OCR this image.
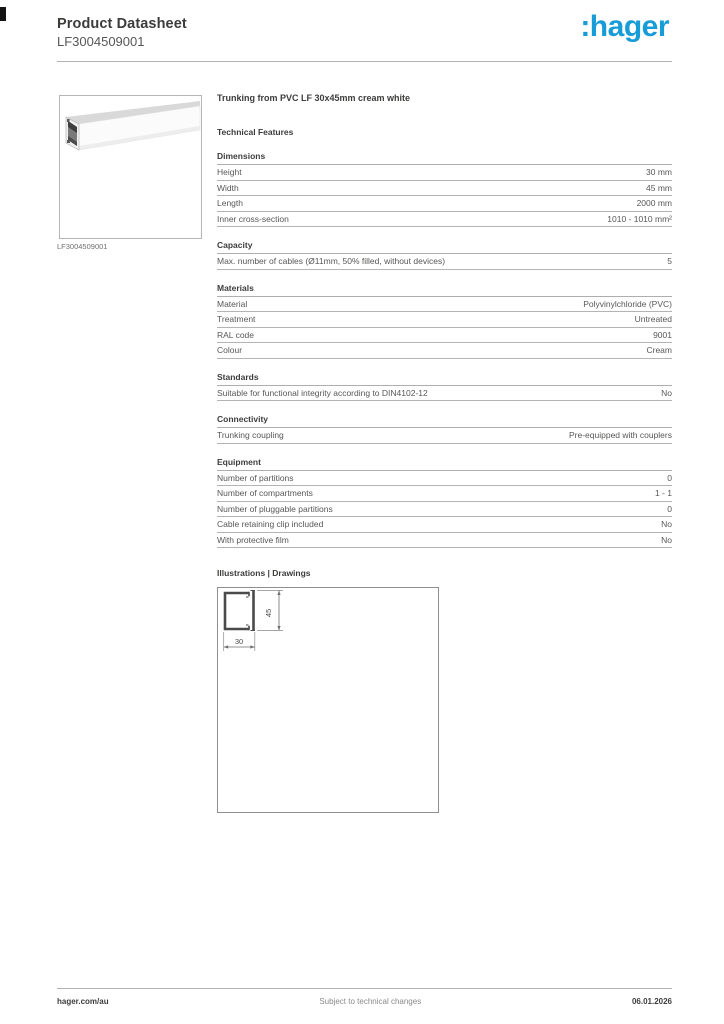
Product Datasheet
LF3004509001	:hager
LF3004509001
Trunking from PVC LF 30x45mm cream white
Technical Features
Dimensions
Height	30 mm
Width	45 mm
Length	2000 mm
Inner cross-section	1010 - 1010 mm²
Capacity
Max. number of cables (Ø11mm, 50% filled, without devices)	5
Materials
Material	Polyvinylchloride (PVC)
Treatment	Untreated
RAL code	9001
Colour	Cream
Standards
Suitable for functional integrity according to DIN4102-12	No
Connectivity
Trunking coupling	Pre-equipped with couplers
Equipment
Number of partitions	0
Number of compartments	1 - 1
Number of pluggable partitions	0
Cable retaining clip included	No
With protective film	No
Illustrations | Drawings
45
30
hager.com/au	Subject to technical changes	06.01.2026
